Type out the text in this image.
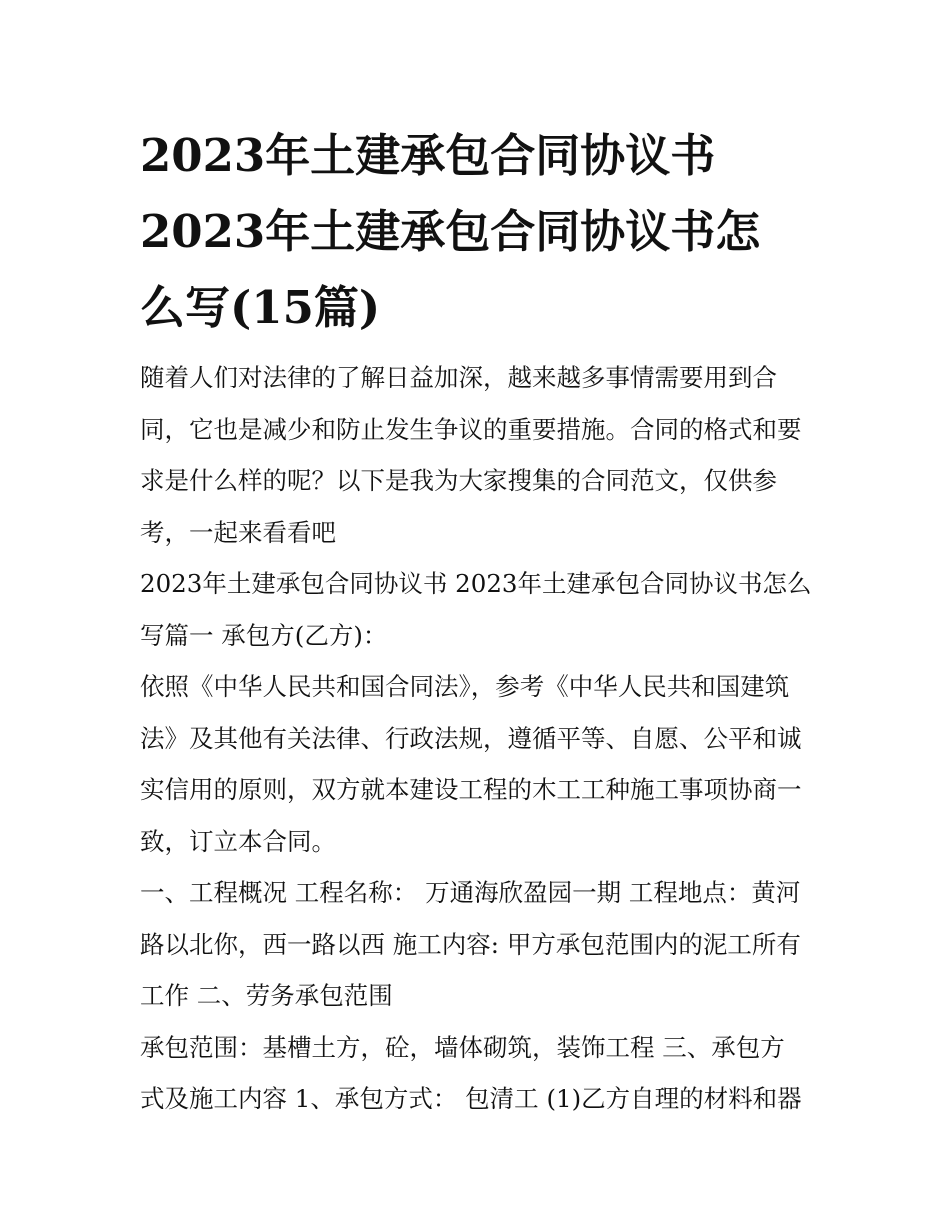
2023年土建承包合同协议书
2023年土建承包合同协议书怎
么写(15篇)

随着人们对法律的了解日益加深，越来越多事情需要用到合
同，它也是减少和防止发生争议的重要措施。合同的格式和要
求是什么样的呢？以下是我为大家搜集的合同范文，仅供参
考，一起来看看吧

2023年土建承包合同协议书 2023年土建承包合同协议书怎么
写篇一 承包方(乙方)：

依照《中华人民共和国合同法》，参考《中华人民共和国建筑
法》及其他有关法律、行政法规，遵循平等、自愿、公平和诚
实信用的原则，双方就本建设工程的木工工种施工事项协商一
致，订立本合同。

一、工程概况 工程名称： 万通海欣盈园一期 工程地点：黄河
路以北你，西一路以西 施工内容: 甲方承包范围内的泥工所有
工作 二、劳务承包范围

承包范围：基槽土方，砼，墙体砌筑，装饰工程 三、承包方
式及施工内容 1、承包方式： 包清工 (1)乙方自理的材料和器
